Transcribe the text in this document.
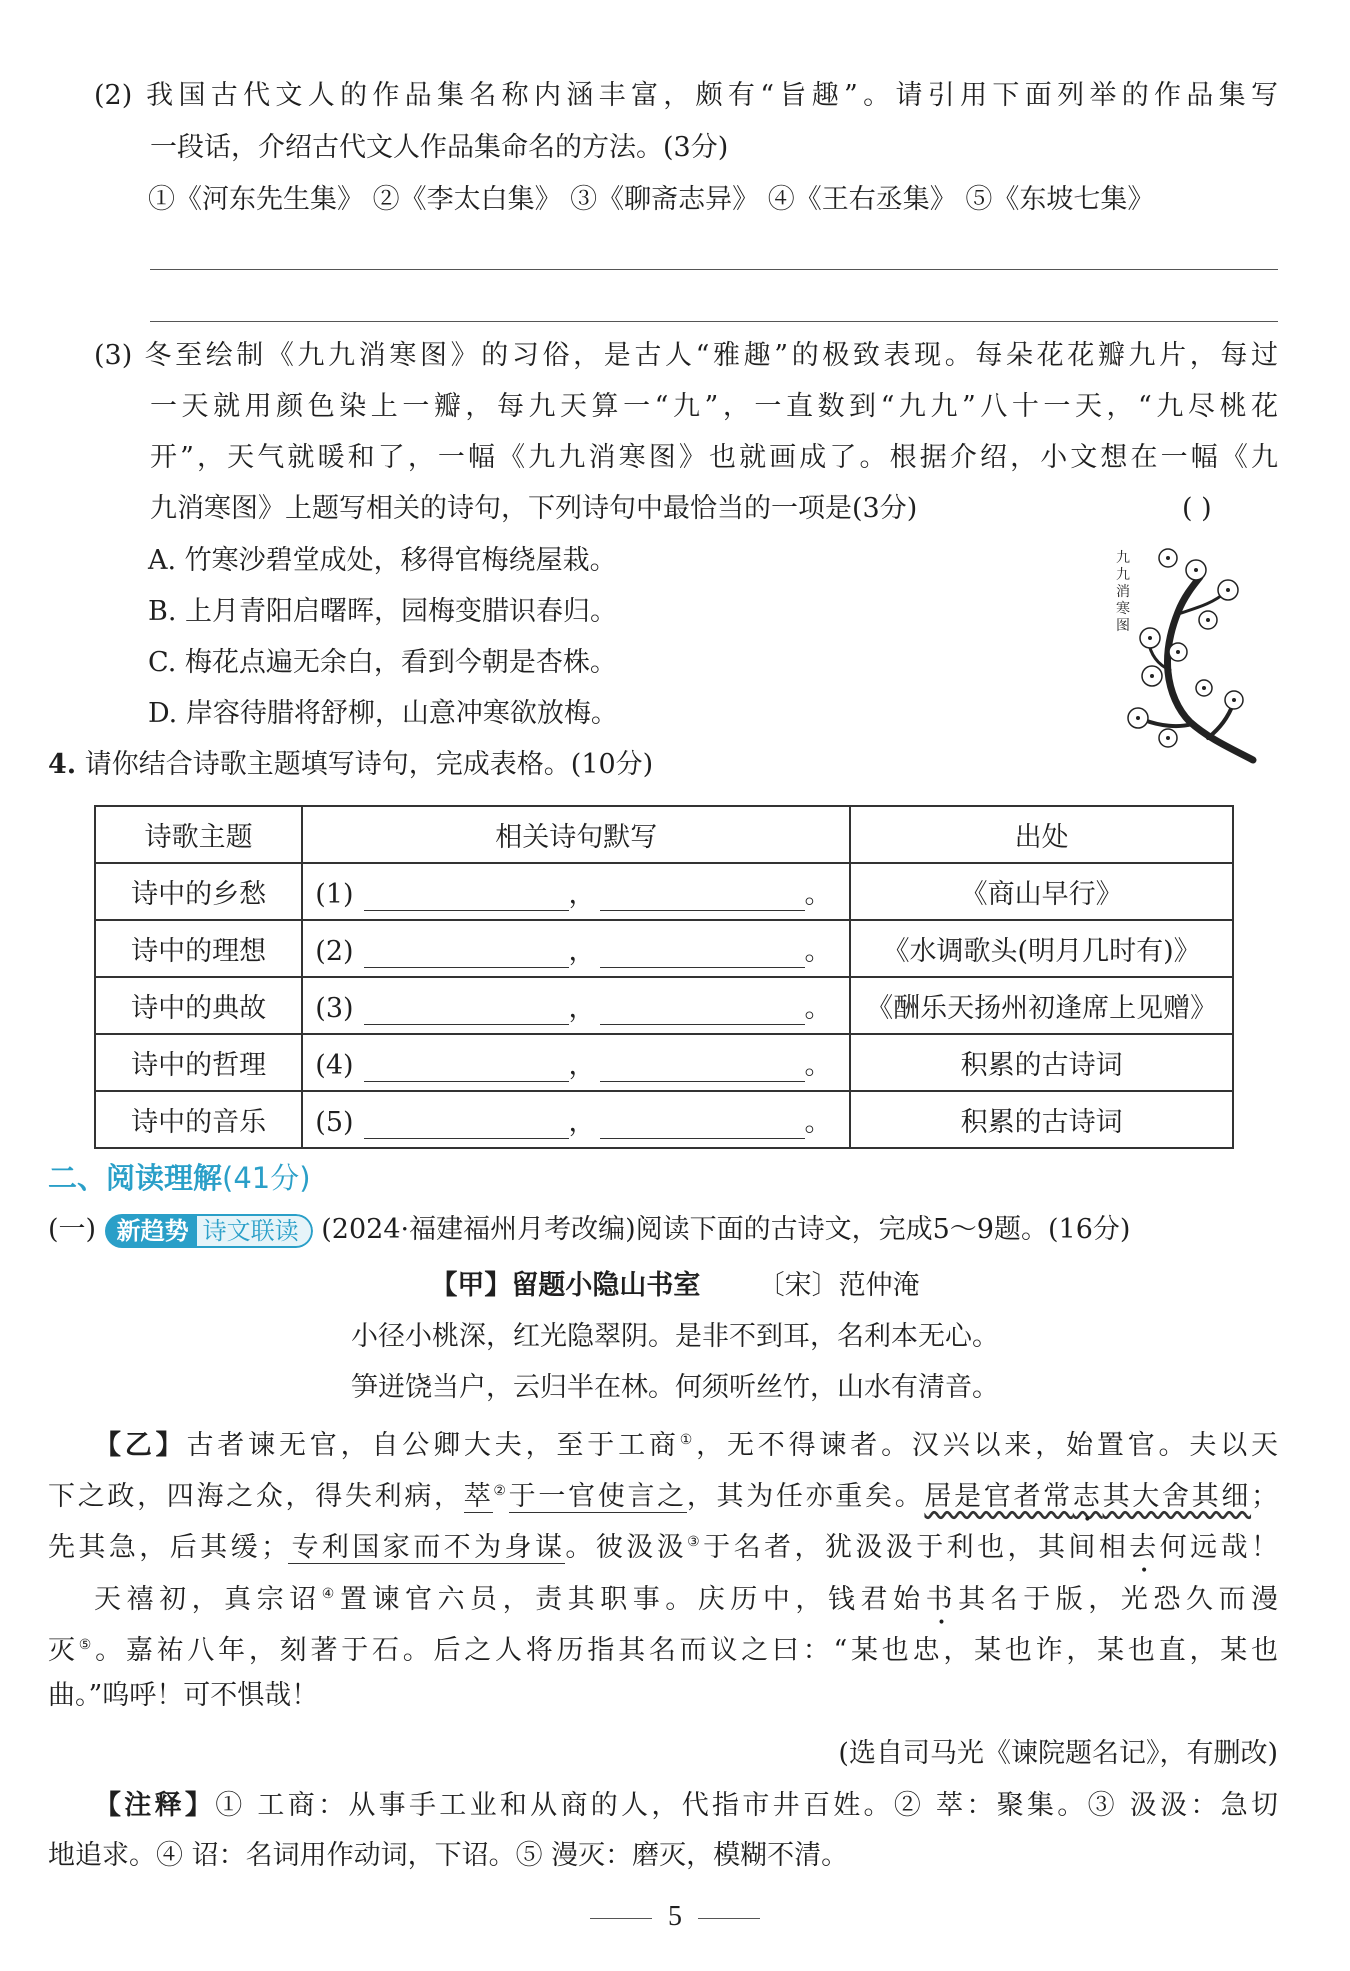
(2) 我国古代文人的作品集名称内涵丰富，颇有“旨趣”。请引用下面列举的作品集写
一段话，介绍古代文人作品集命名的方法。(3分)
①《河东先生集》 ②《李太白集》 ③《聊斋志异》 ④《王右丞集》 ⑤《东坡七集》
(3) 冬至绘制《九九消寒图》的习俗，是古人“雅趣”的极致表现。每朵花花瓣九片，每过
一天就用颜色染上一瓣，每九天算一“九”，一直数到“九九”八十一天，“九尽桃花
开”，天气就暖和了，一幅《九九消寒图》也就画成了。根据介绍，小文想在一幅《九
九消寒图》上题写相关的诗句，下列诗句中最恰当的一项是(3分)	( )
A. 竹寒沙碧堂成处，移得官梅绕屋栽。
B. 上月青阳启曙晖，园梅变腊识春归。
C. 梅花点遍无余白，看到今朝是杏株。
D. 岸容待腊将舒柳，山意冲寒欲放梅。
九九消寒图
4. 请你结合诗歌主题填写诗句，完成表格。(10分)
诗歌主题	相关诗句默写	出处
诗中的乡愁	(1) ， 。	《商山早行》
诗中的理想	(2) ， 。	《水调歌头(明月几时有)》
诗中的典故	(3) ， 。	《酬乐天扬州初逢席上见赠》
诗中的哲理	(4) ， 。	积累的古诗词
诗中的音乐	(5) ， 。	积累的古诗词
二、阅读理解(41分)
(一) 新趋势 诗文联读 (2024·福建福州月考改编)阅读下面的古诗文，完成5～9题。(16分)
【甲】留题小隐山书室 〔宋〕范仲淹
小径小桃深，红光隐翠阴。是非不到耳，名利本无心。
笋迸饶当户，云归半在林。何须听丝竹，山水有清音。
【乙】古者谏无官，自公卿大夫，至于工商①，无不得谏者。汉兴以来，始置官。夫以天
下之政，四海之众，得失利病，萃②于一官使言之，其为任亦重矣。居是官者常志其大舍其细；
先其急，后其缓；专利国家而不为身谋。彼汲汲③于名者，犹汲汲于利也，其间相去何远哉！
天禧初，真宗诏④置谏官六员，责其职事。庆历中，钱君始书其名于版，光恐久而漫
灭⑤。嘉祐八年，刻著于石。后之人将历指其名而议之曰：“某也忠，某也诈，某也直，某也
曲。”呜呼！可不惧哉！
(选自司马光《谏院题名记》，有删改)
【注释】① 工商：从事手工业和从商的人，代指市井百姓。② 萃：聚集。③ 汲汲：急切
地追求。④ 诏：名词用作动词，下诏。⑤ 漫灭：磨灭，模糊不清。
5
